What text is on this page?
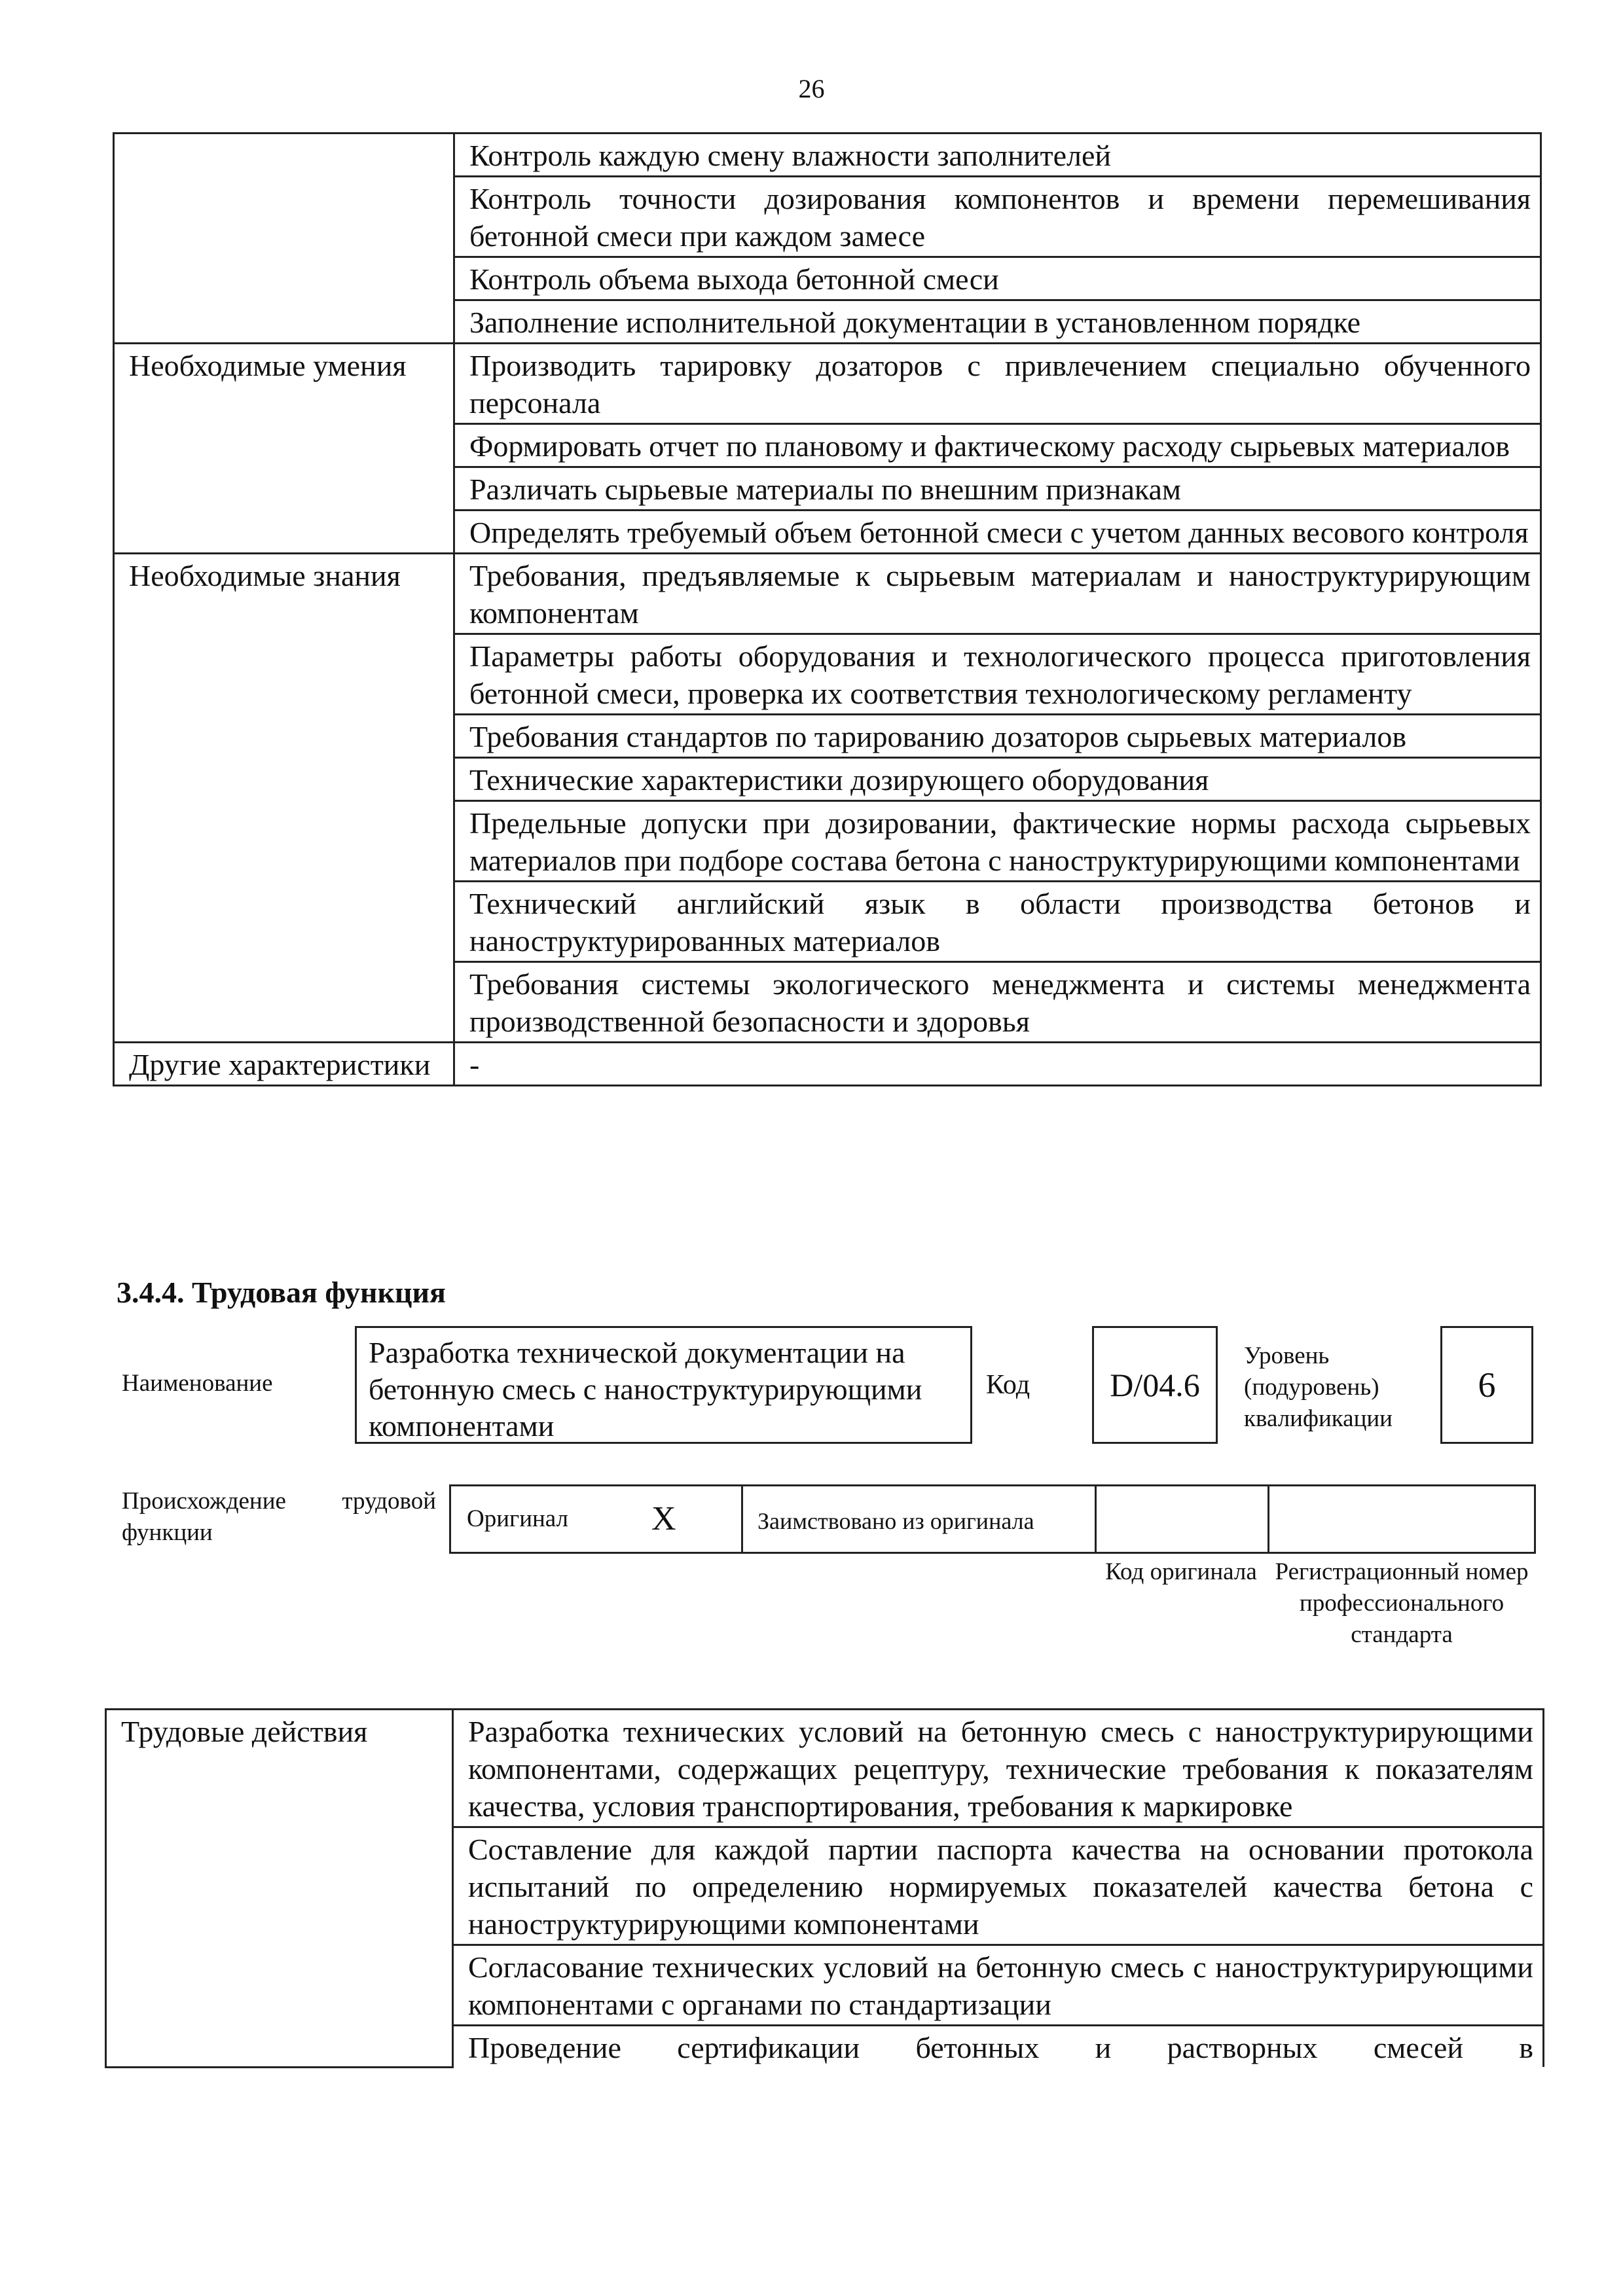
26

	Контроль каждую смену влажности заполнителей

	Контроль точности дозирования компонентов и времени перемешивания бетонной смеси при каждом замесе

	Контроль объема выхода бетонной смеси

	Заполнение исполнительной документации в установленном порядке

Необходимые умения	Производить тарировку дозаторов с привлечением специально обученного персонала

	Формировать отчет по плановому и фактическому расходу сырьевых материалов

	Различать сырьевые материалы по внешним признакам

	Определять требуемый объем бетонной смеси с учетом данных весового контроля

Необходимые знания	Требования, предъявляемые к сырьевым материалам и наноструктурирующим компонентам

	Параметры работы оборудования и технологического процесса приготовления бетонной смеси, проверка их соответствия технологическому регламенту

	Требования стандартов по тарированию дозаторов сырьевых материалов

	Технические характеристики дозирующего оборудования

	Предельные допуски при дозировании, фактические нормы расхода сырьевых материалов при подборе состава бетона с наноструктурирующими компонентами

	Технический английский язык в области производства бетонов и наноструктурированных материалов

	Требования системы экологического менеджмента и системы менеджмента производственной безопасности и здоровья

Другие характеристики	-
3.4.4. Трудовая функция
Наименование
Разработка технической документации на бетонную смесь с наноструктурирующими компонентами
Код	D/04.6
Уровень (подуровень) квалификации
6
Происхождение трудовой функции
Оригинал X	Заимствовано из оригинала
Код оригинала Регистрационный номер профессионального стандарта
Трудовые действия	Разработка технических условий на бетонную смесь с наноструктурирующими компонентами, содержащих рецептуру, технические требования к показателям качества, условия транспортирования, требования к маркировке

Составление для каждой партии паспорта качества на основании протокола испытаний по определению нормируемых показателей качества бетона с наноструктурирующими компонентами

Согласование технических условий на бетонную смесь с наноструктурирующими компонентами с органами по стандартизации

Проведение сертификации бетонных и растворных смесей в
